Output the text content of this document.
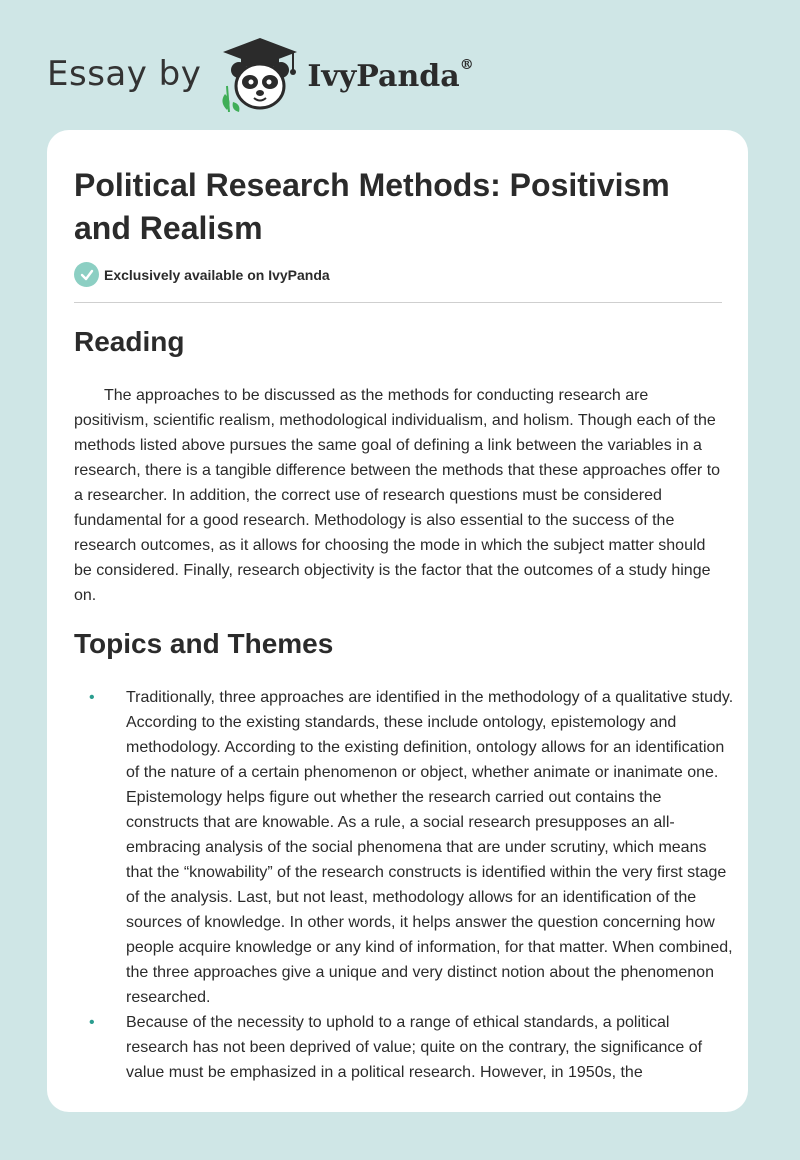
Essay by	IvyPanda®
Political Research Methods: Positivism and Realism
Exclusively available on IvyPanda
Reading

The approaches to be discussed as the methods for conducting research are positivism, scientific realism, methodological individualism, and holism. Though each of the methods listed above pursues the same goal of defining a link between the variables in a research, there is a tangible difference between the methods that these approaches offer to a researcher. In addition, the correct use of research questions must be considered fundamental for a good research. Methodology is also essential to the success of the research outcomes, as it allows for choosing the mode in which the subject matter should be considered. Finally, research objectivity is the factor that the outcomes of a study hinge on.

Topics and Themes
• Traditionally, three approaches are identified in the methodology of a qualitative study. According to the existing standards, these include ontology, epistemology and methodology. According to the existing definition, ontology allows for an identification of the nature of a certain phenomenon or object, whether animate or inanimate one. Epistemology helps figure out whether the research carried out contains the constructs that are knowable. As a rule, a social research presupposes an all-embracing analysis of the social phenomena that are under scrutiny, which means that the “knowability” of the research constructs is identified within the very first stage of the analysis. Last, but not least, methodology allows for an identification of the sources of knowledge. In other words, it helps answer the question concerning how people acquire knowledge or any kind of information, for that matter. When combined, the three approaches give a unique and very distinct notion about the phenomenon researched.
• Because of the necessity to uphold to a range of ethical standards, a political research has not been deprived of value; quite on the contrary, the significance of value must be emphasized in a political research. However, in 1950s, the
